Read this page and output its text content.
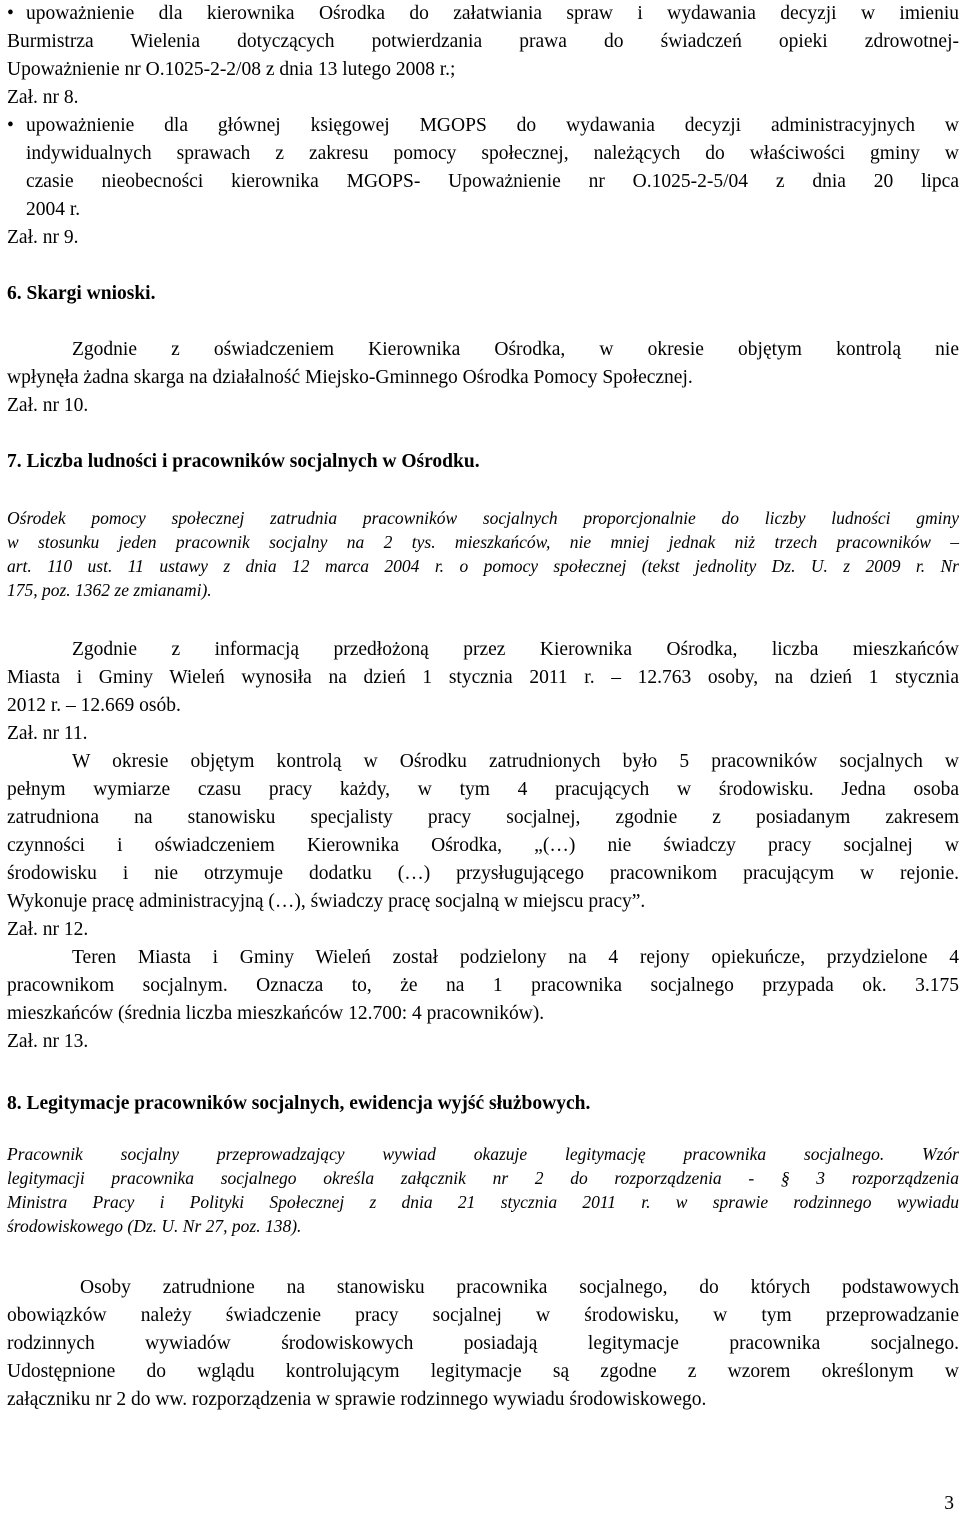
• upoważnienie dla kierownika Ośrodka do załatwiania spraw i wydawania decyzji w imieniu
Burmistrza Wielenia dotyczących potwierdzania prawa do świadczeń opieki zdrowotnej-
Upoważnienie nr O.1025-2-2/08 z dnia 13 lutego 2008 r.;
Zał. nr 8.
• upoważnienie dla głównej księgowej MGOPS do wydawania decyzji administracyjnych w
indywidualnych sprawach z zakresu pomocy społecznej, należących do właściwości gminy w
czasie nieobecności kierownika MGOPS- Upoważnienie nr O.1025-2-5/04 z dnia 20 lipca
2004 r.
Zał. nr 9.
6. Skargi wnioski.
Zgodnie z oświadczeniem Kierownika Ośrodka, w okresie objętym kontrolą nie
wpłynęła żadna skarga na działalność Miejsko-Gminnego Ośrodka Pomocy Społecznej.
Zał. nr 10.
7. Liczba ludności i pracowników socjalnych w Ośrodku.
Ośrodek pomocy społecznej zatrudnia pracowników socjalnych proporcjonalnie do liczby ludności gminy
w stosunku jeden pracownik socjalny na 2 tys. mieszkańców, nie mniej jednak niż trzech pracowników –
art. 110 ust. 11 ustawy z dnia 12 marca 2004 r. o pomocy społecznej (tekst jednolity Dz. U. z 2009 r. Nr
175, poz. 1362 ze zmianami).
Zgodnie z informacją przedłożoną przez Kierownika Ośrodka, liczba mieszkańców
Miasta i Gminy Wieleń wynosiła na dzień 1 stycznia 2011 r. – 12.763 osoby, na dzień 1 stycznia
2012 r. – 12.669 osób.
Zał. nr 11.
W okresie objętym kontrolą w Ośrodku zatrudnionych było 5 pracowników socjalnych w
pełnym wymiarze czasu pracy każdy, w tym 4 pracujących w środowisku. Jedna osoba
zatrudniona na stanowisku specjalisty pracy socjalnej, zgodnie z posiadanym zakresem
czynności i oświadczeniem Kierownika Ośrodka, „(…) nie świadczy pracy socjalnej w
środowisku i nie otrzymuje dodatku (…) przysługującego pracownikom pracującym w rejonie.
Wykonuje pracę administracyjną (…), świadczy pracę socjalną w miejscu pracy”.
Zał. nr 12.
Teren Miasta i Gminy Wieleń został podzielony na 4 rejony opiekuńcze, przydzielone 4
pracownikom socjalnym. Oznacza to, że na 1 pracownika socjalnego przypada ok. 3.175
mieszkańców (średnia liczba mieszkańców 12.700: 4 pracowników).
Zał. nr 13.
8. Legitymacje pracowników socjalnych, ewidencja wyjść służbowych.
Pracownik socjalny przeprowadzający wywiad okazuje legitymację pracownika socjalnego. Wzór
legitymacji pracownika socjalnego określa załącznik nr 2 do rozporządzenia - § 3 rozporządzenia
Ministra Pracy i Polityki Społecznej z dnia 21 stycznia 2011 r. w sprawie rodzinnego wywiadu
środowiskowego (Dz. U. Nr 27, poz. 138).
Osoby zatrudnione na stanowisku pracownika socjalnego, do których podstawowych
obowiązków należy świadczenie pracy socjalnej w środowisku, w tym przeprowadzanie
rodzinnych wywiadów środowiskowych posiadają legitymacje pracownika socjalnego.
Udostępnione do wglądu kontrolującym legitymacje są zgodne z wzorem określonym w
załączniku nr 2 do ww. rozporządzenia w sprawie rodzinnego wywiadu środowiskowego.
3
